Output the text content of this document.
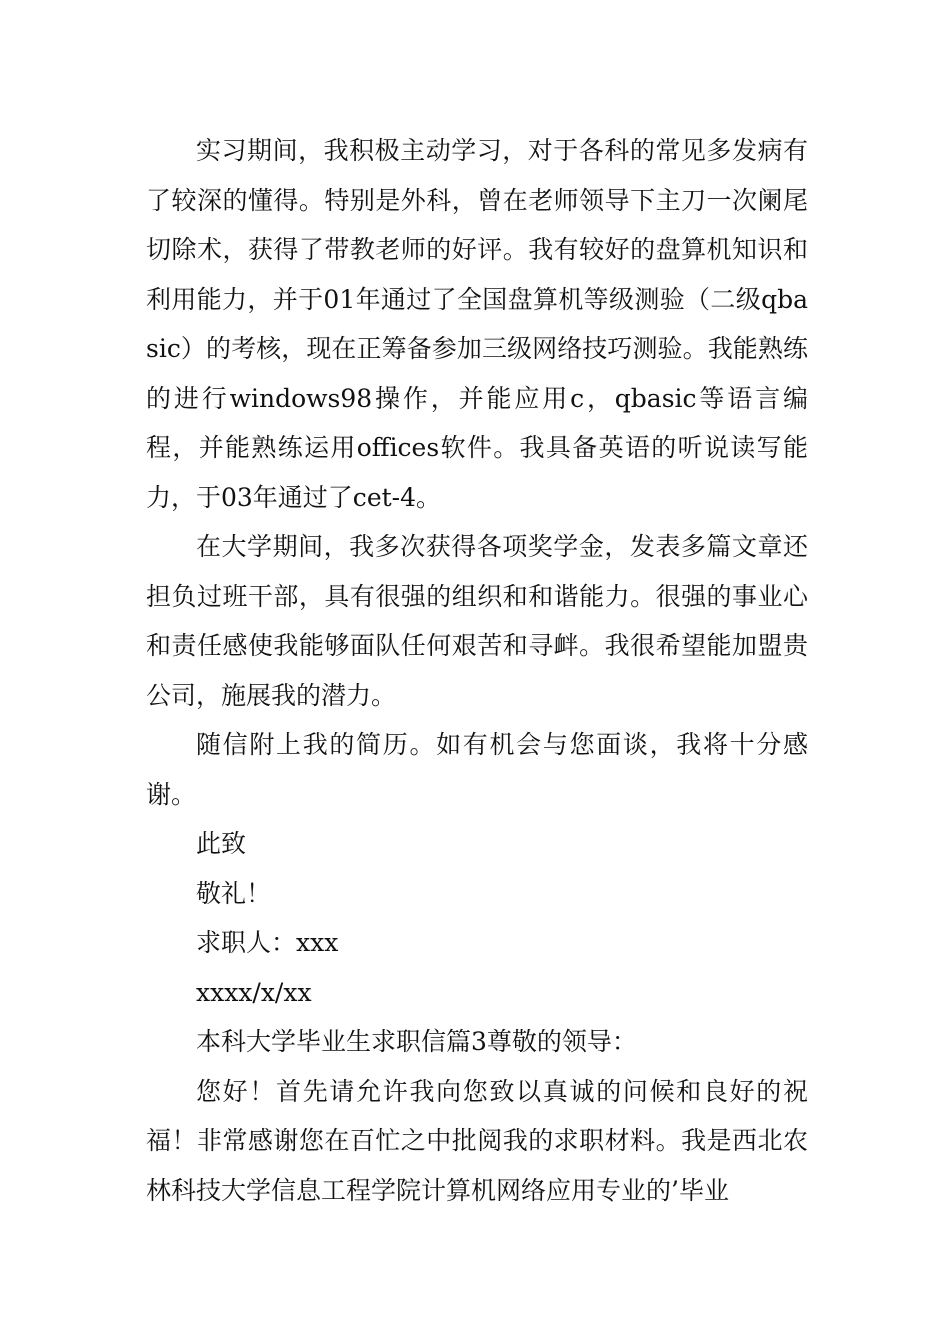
实习期间，我积极主动学习，对于各科的常见多发病有了较深的懂得。特别是外科，曾在老师领导下主刀一次阑尾切除术，获得了带教老师的好评。我有较好的盘算机知识和利用能力，并于01年通过了全国盘算机等级测验（二级qbasic）的考核，现在正筹备参加三级网络技巧测验。我能熟练的进行windows98操作，并能应用c，qbasic等语言编程，并能熟练运用offices软件。我具备英语的听说读写能力，于03年通过了cet-4。

在大学期间，我多次获得各项奖学金，发表多篇文章还担负过班干部，具有很强的组织和和谐能力。很强的事业心和责任感使我能够面队任何艰苦和寻衅。我很希望能加盟贵公司，施展我的潜力。

随信附上我的简历。如有机会与您面谈，我将十分感谢。

此致

敬礼！

求职人：xxx

xxxx/x/xx

本科大学毕业生求职信篇3尊敬的领导：

您好！首先请允许我向您致以真诚的问候和良好的祝福！非常感谢您在百忙之中批阅我的求职材料。我是西北农林科技大学信息工程学院计算机网络应用专业的’毕业
